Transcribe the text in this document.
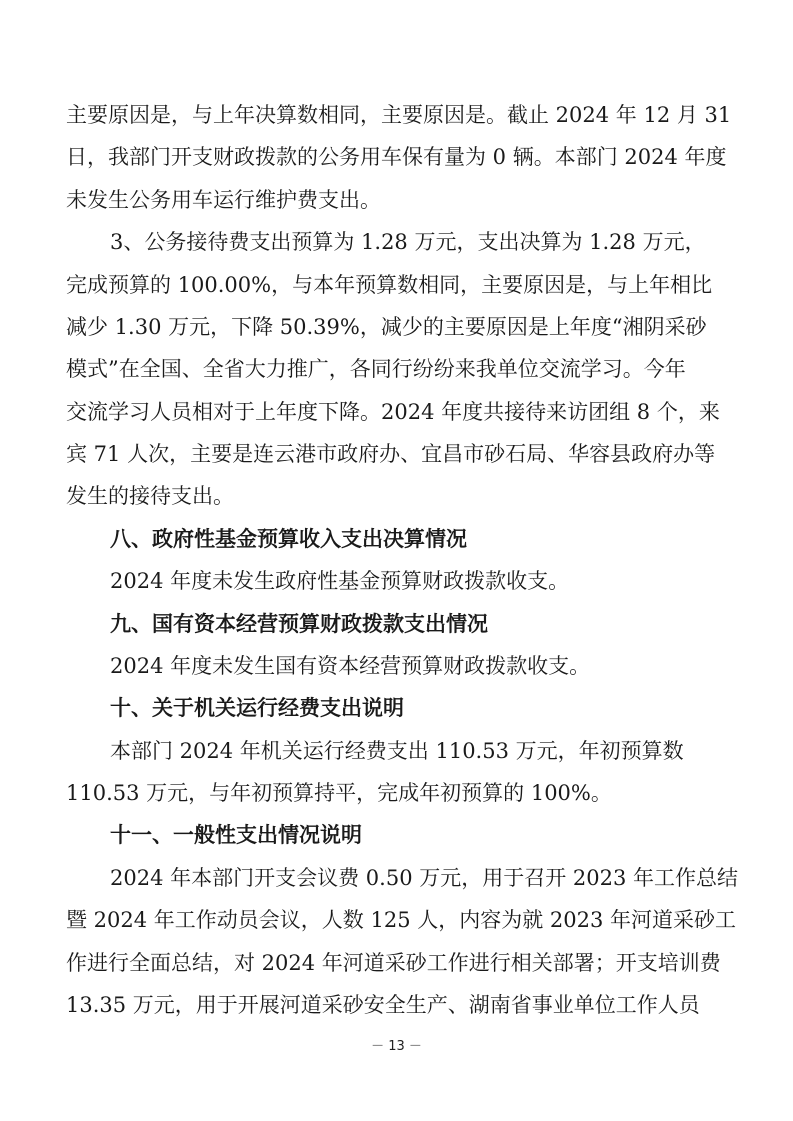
主要原因是，与上年决算数相同，主要原因是。截止 2024 年 12 月 31
日，我部门开支财政拨款的公务用车保有量为 0 辆。本部门 2024 年度
未发生公务用车运行维护费支出。
3、公务接待费支出预算为 1.28 万元，支出决算为 1.28 万元，
完成预算的 100.00%，与本年预算数相同，主要原因是，与上年相比
减少 1.30 万元，下降 50.39%，减少的主要原因是上年度“湘阴采砂
模式”在全国、全省大力推广，各同行纷纷来我单位交流学习。今年
交流学习人员相对于上年度下降。2024 年度共接待来访团组 8 个，来
宾 71 人次，主要是连云港市政府办、宜昌市砂石局、华容县政府办等
发生的接待支出。
八、政府性基金预算收入支出决算情况
2024 年度未发生政府性基金预算财政拨款收支。
九、国有资本经营预算财政拨款支出情况
2024 年度未发生国有资本经营预算财政拨款收支。
十、关于机关运行经费支出说明
本部门 2024 年机关运行经费支出 110.53 万元，年初预算数
110.53 万元，与年初预算持平，完成年初预算的 100%。
十一、一般性支出情况说明
2024 年本部门开支会议费 0.50 万元，用于召开 2023 年工作总结
暨 2024 年工作动员会议，人数 125 人，内容为就 2023 年河道采砂工
作进行全面总结，对 2024 年河道采砂工作进行相关部署；开支培训费
13.35 万元，用于开展河道采砂安全生产、湖南省事业单位工作人员
－ 13 －
